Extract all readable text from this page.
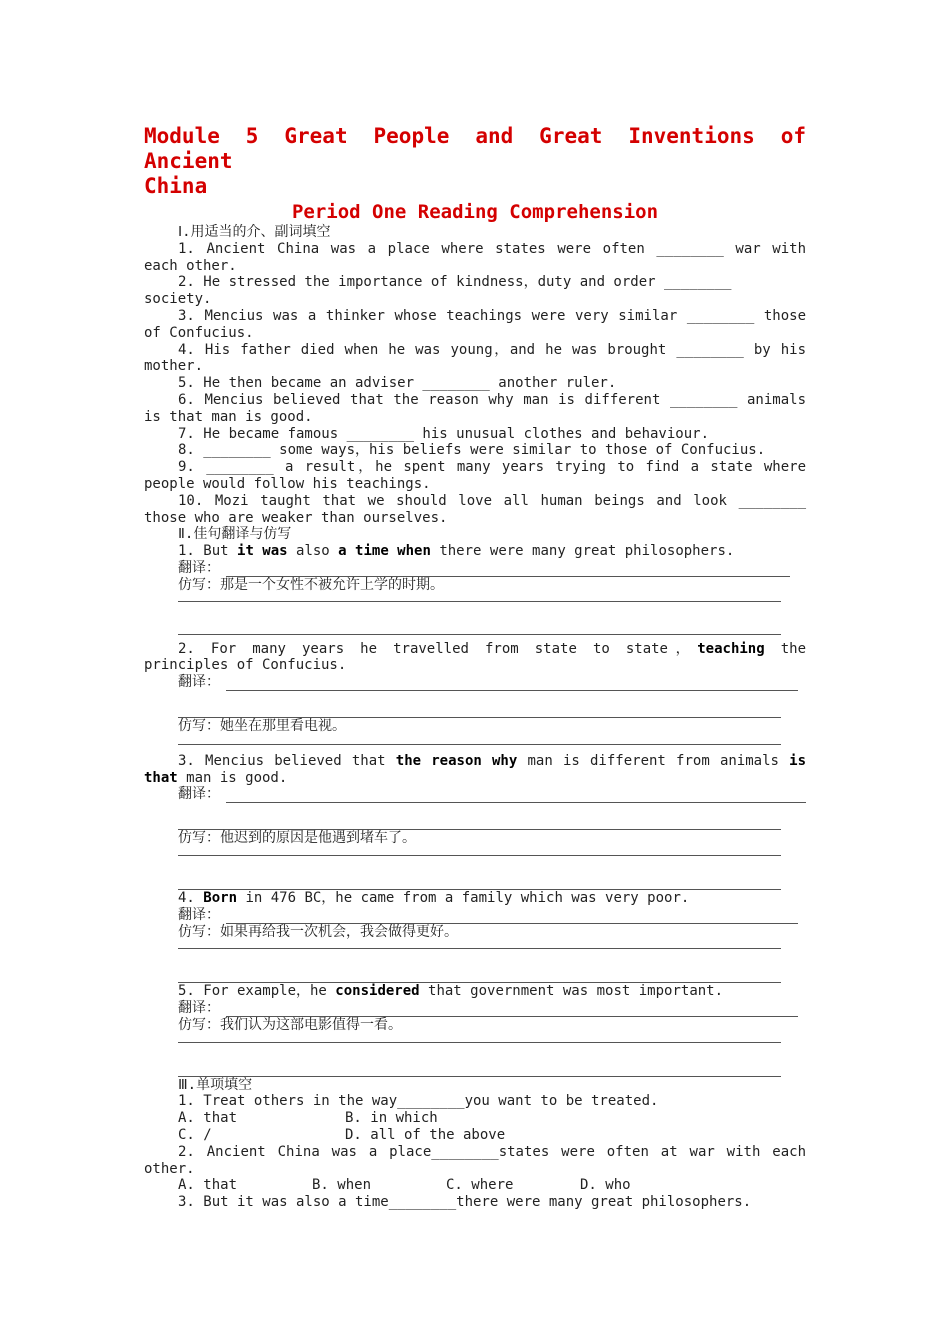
Module 5 Great People and Great Inventions of Ancient
China
Period One Reading Comprehension
Ⅰ.用适当的介、副词填空
1. Ancient China was a place where states were often ________ war with each other.
2. He stressed the importance of kindness，duty and order ________ society.
3. Mencius was a thinker whose teachings were very similar ________ those of Confucius.
4. His father died when he was young，and he was brought ________ by his mother.
5. He then became an adviser ________ another ruler.
6. Mencius believed that the reason why man is different ________ animals is that man is good.
7. He became famous ________ his unusual clothes and behaviour.
8. ________ some ways，his beliefs were similar to those of Confucius.
9. ________ a result，he spent many years trying to find a state where people would follow his teachings.
10. Mozi taught that we should love all human beings and look ________ those who are weaker than ourselves.
Ⅱ.佳句翻译与仿写
1. But it was also a time when there were many great philosophers.
翻译：
仿写：那是一个女性不被允许上学的时期。
2. For many years he travelled from state to state，teaching the principles of Confucius.
翻译：
仿写：她坐在那里看电视。
3. Mencius believed that the reason why man is different from animals is that man is good.
翻译：
仿写：他迟到的原因是他遇到堵车了。
4. Born in 476 BC，he came from a family which was very poor.
翻译：
仿写：如果再给我一次机会，我会做得更好。
5. For example，he considered that government was most important.
翻译：
仿写：我们认为这部电影值得一看。
Ⅲ.单项填空
1. Treat others in the way________you want to be treated.
A. that	B. in which
C. /	D. all of the above
2. Ancient China was a place________states were often at war with each other.
A. that	B. when	C. where	D. who
3. But it was also a time________there were many great philosophers.
